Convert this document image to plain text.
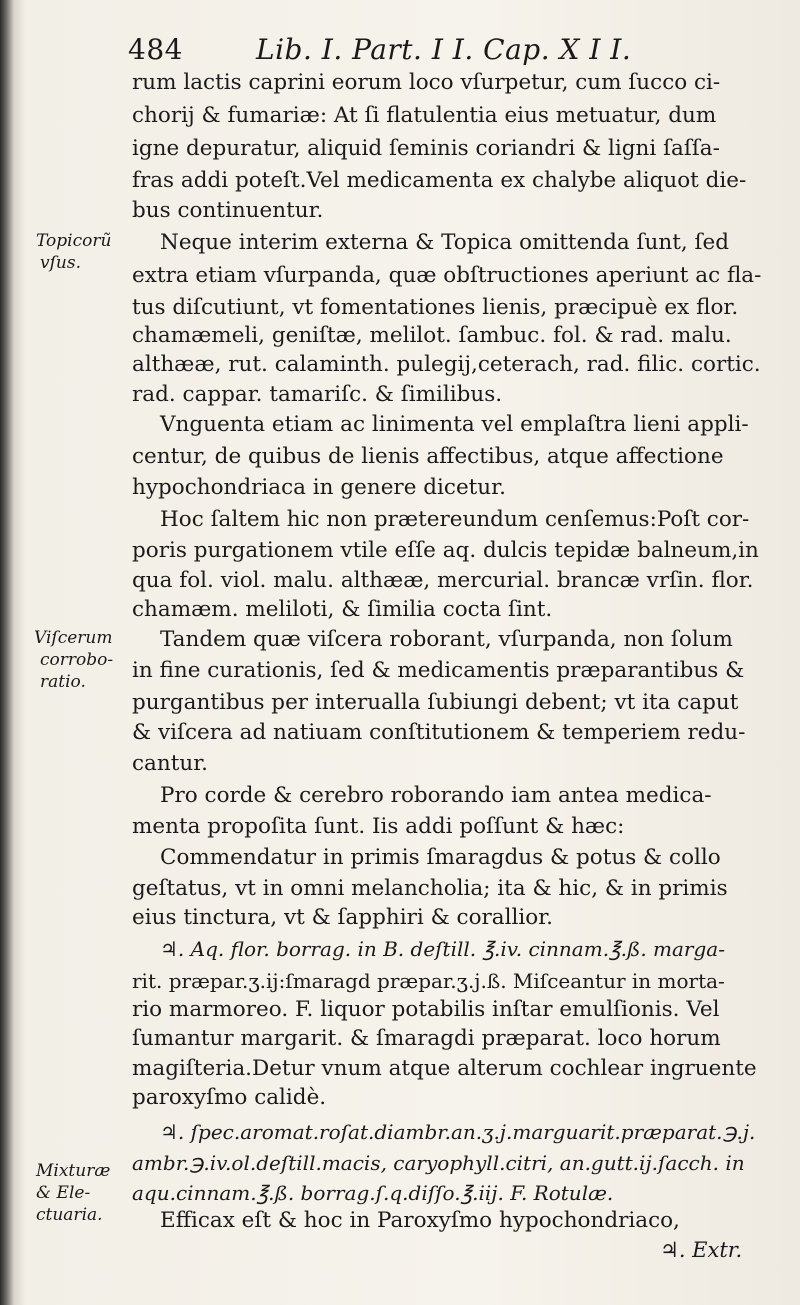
484	Lib. I. Part. I I. Cap. X I I.
rum lactis caprini eorum loco vſurpetur, cum ſucco ci-
chorij & fumariæ: At ſi flatulentia eius metuatur, dum
igne depuratur, aliquid ſeminis coriandri & ligni ſaſſa-
fras addi poteſt.Vel medicamenta ex chalybe aliquot die-
bus continuentur.
Neque interim externa & Topica omittenda ſunt, ſed
extra etiam vſurpanda, quæ obſtructiones aperiunt ac fla-
tus diſcutiunt, vt fomentationes lienis, præcipuè ex flor.
chamæmeli, geniſtæ, melilot. ſambuc. fol. & rad. malu.
althææ, rut. calaminth. pulegij,ceterach, rad. filic. cortic.
rad. cappar. tamariſc. & ſimilibus.
Vnguenta etiam ac linimenta vel emplaſtra lieni appli-
centur, de quibus de lienis affectibus, atque affectione
hypochondriaca in genere dicetur.
Hoc ſaltem hic non prætereundum cenſemus:Poſt cor-
poris purgationem vtile eſſe aq. dulcis tepidæ balneum,in
qua fol. viol. malu. althææ, mercurial. brancæ vrſin. flor.
chamæm. meliloti, & ſimilia cocta ſint.
Tandem quæ viſcera roborant, vſurpanda, non ſolum
in fine curationis, ſed & medicamentis præparantibus &
purgantibus per interualla ſubiungi debent; vt ita caput
& viſcera ad natiuam conſtitutionem & temperiem redu-
cantur.
Pro corde & cerebro roborando iam antea medica-
menta propoſita ſunt. Iis addi poſſunt & hæc:
Commendatur in primis ſmaragdus & potus & collo
geſtatus, vt in omni melancholia; ita & hic, & in primis
eius tinctura, vt & ſapphiri & corallior.
♃. Aq. flor. borrag. in B. deſtill. ℥.iv. cinnam.℥.ß. marga-
rit. præpar.ʒ.ij:ſmaragd præpar.ʒ.j.ß. Miſceantur in morta-
rio marmoreo. F. liquor potabilis inſtar emulſionis. Vel
ſumantur margarit. & ſmaragdi præparat. loco horum
magiſteria.Detur vnum atque alterum cochlear ingruente
paroxyſmo calidè.
♃. ſpec.aromat.roſat.diambr.an.ʒ.j.marguarit.præparat.℈.j.
ambr.℈.iv.ol.deſtill.macis, caryophyll.citri, an.gutt.ij.ſacch. in
aqu.cinnam.℥.ß. borrag.ſ.q.diſſo.℥.iij. F. Rotulæ.
Efficax eſt & hoc in Paroxyſmo hypochondriaco,
Topicorũ
vſus.
Viſcerum
corrobo-
ratio.
Mixturæ
& Ele-
ctuaria.
♃. Extr.
